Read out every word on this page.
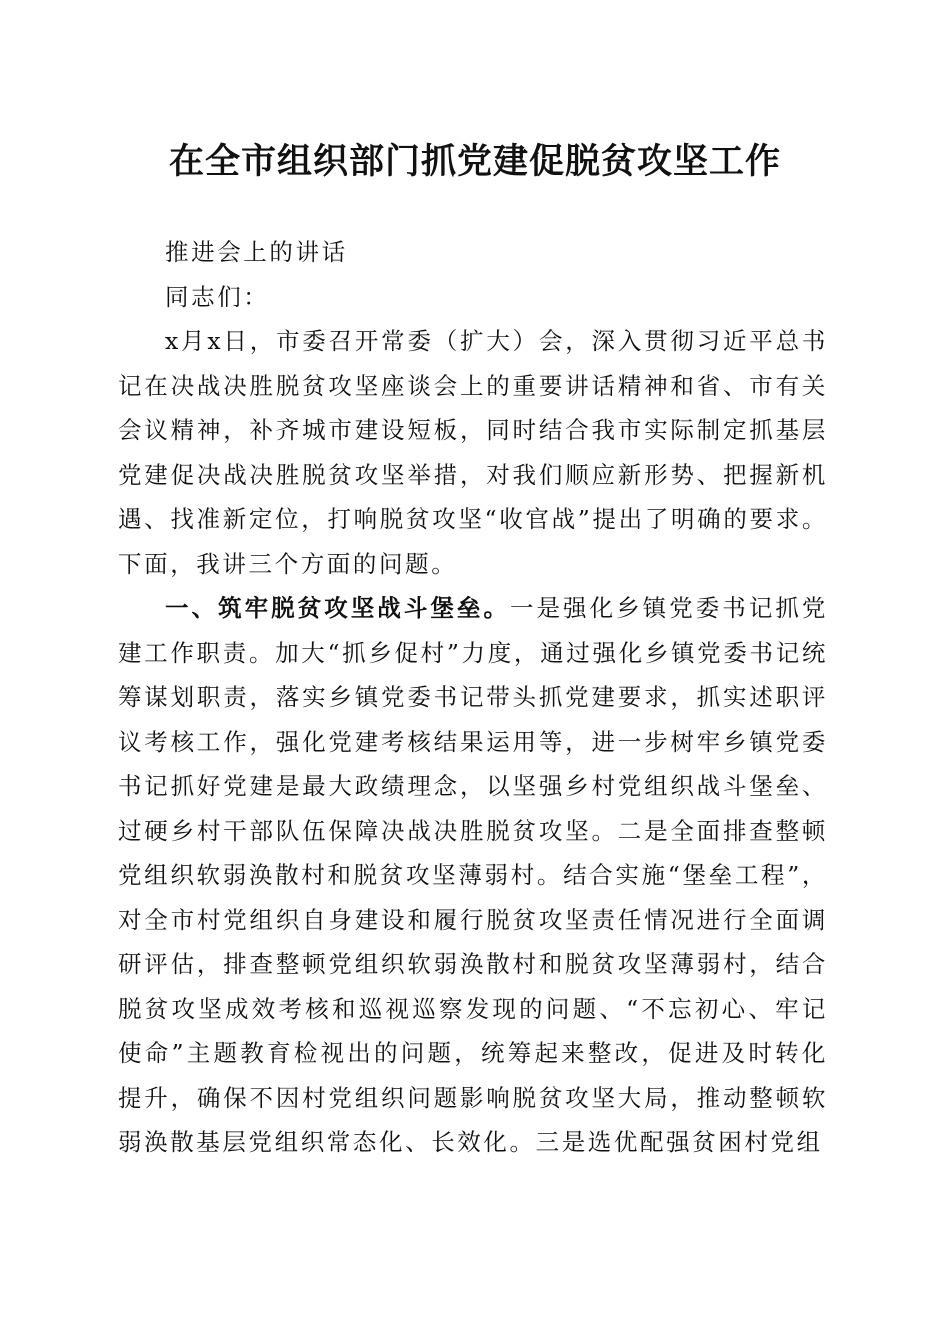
在全市组织部门抓党建促脱贫攻坚工作

推进会上的讲话

同志们：

x月x日，市委召开常委（扩大）会，深入贯彻习近平总书记在决战决胜脱贫攻坚座谈会上的重要讲话精神和省、市有关会议精神，补齐城市建设短板，同时结合我市实际制定抓基层党建促决战决胜脱贫攻坚举措，对我们顺应新形势、把握新机遇、找准新定位，打响脱贫攻坚“收官战”提出了明确的要求。下面，我讲三个方面的问题。

一、筑牢脱贫攻坚战斗堡垒。一是强化乡镇党委书记抓党建工作职责。加大“抓乡促村”力度，通过强化乡镇党委书记统筹谋划职责，落实乡镇党委书记带头抓党建要求，抓实述职评议考核工作，强化党建考核结果运用等，进一步树牢乡镇党委书记抓好党建是最大政绩理念，以坚强乡村党组织战斗堡垒、过硬乡村干部队伍保障决战决胜脱贫攻坚。二是全面排查整顿党组织软弱涣散村和脱贫攻坚薄弱村。结合实施“堡垒工程”，对全市村党组织自身建设和履行脱贫攻坚责任情况进行全面调研评估，排查整顿党组织软弱涣散村和脱贫攻坚薄弱村，结合脱贫攻坚成效考核和巡视巡察发现的问题、“不忘初心、牢记使命”主题教育检视出的问题，统筹起来整改，促进及时转化提升，确保不因村党组织问题影响脱贫攻坚大局，推动整顿软弱涣散基层党组织常态化、长效化。三是选优配强贫困村党组
